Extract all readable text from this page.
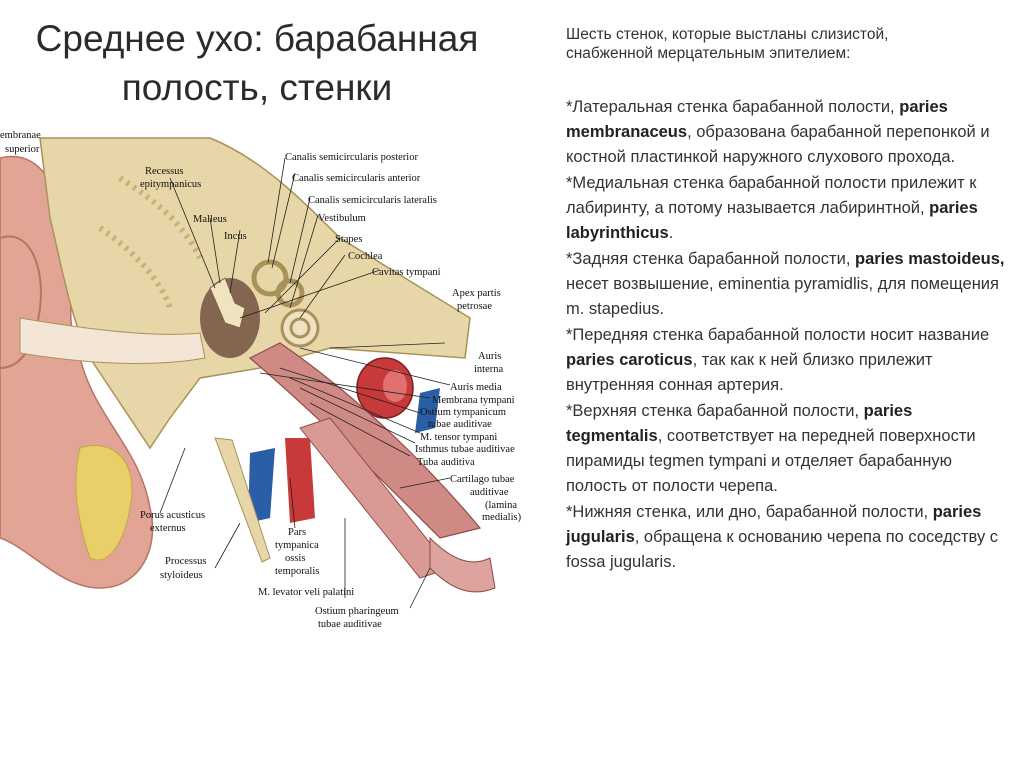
Среднее ухо: барабанная
полость, стенки
Шесть стенок, которые выстланы слизистой,
снабженной мерцательным эпителием:
*Латеральная стенка барабанной полости, paries membranaceus, образована барабанной перепонкой и костной пластинкой наружного слухового прохода.
*Медиальная стенка барабанной полости прилежит к лабиринту, а потому называется лабиринтной, paries labyrinthicus.
*Задняя стенка барабанной полости, paries mastoideus, несет возвышение, eminentia pyramidlis, для помещения m. stapedius.
*Передняя стенка барабанной полости носит название paries caroticus, так как к ней близко прилежит внутренняя сонная артерия.
*Верхняя стенка барабанной полости, paries tegmentalis, соответствует на передней поверхности пирамиды tegmen tympani и отделяет барабанную полость от полости черепа.
*Нижняя стенка, или дно, барабанной полости, paries jugularis, обращена к основанию черепа по соседству с fossa jugularis.
embranae
superior
Recessus
epitympanicus
Malleus
Incus
Canalis semicircularis posterior
Canalis semicircularis anterior
Canalis semicircularis lateralis
Vestibulum
Stapes
Cochlea
Cavitas tympani
Apex partis
petrosae
Auris
interna
Auris media
Membrana tympani
Ostium tympanicum
tubae auditivae
M. tensor tympani
Isthmus tubae auditivae
Tuba auditiva
Cartilago tubae
auditivae
(lamina
medialis)
Porus acusticus
externus
Processus
styloideus
Pars
tympanica
ossis
temporalis
M. levator veli palatini
Ostium pharingeum
tubae auditivae
